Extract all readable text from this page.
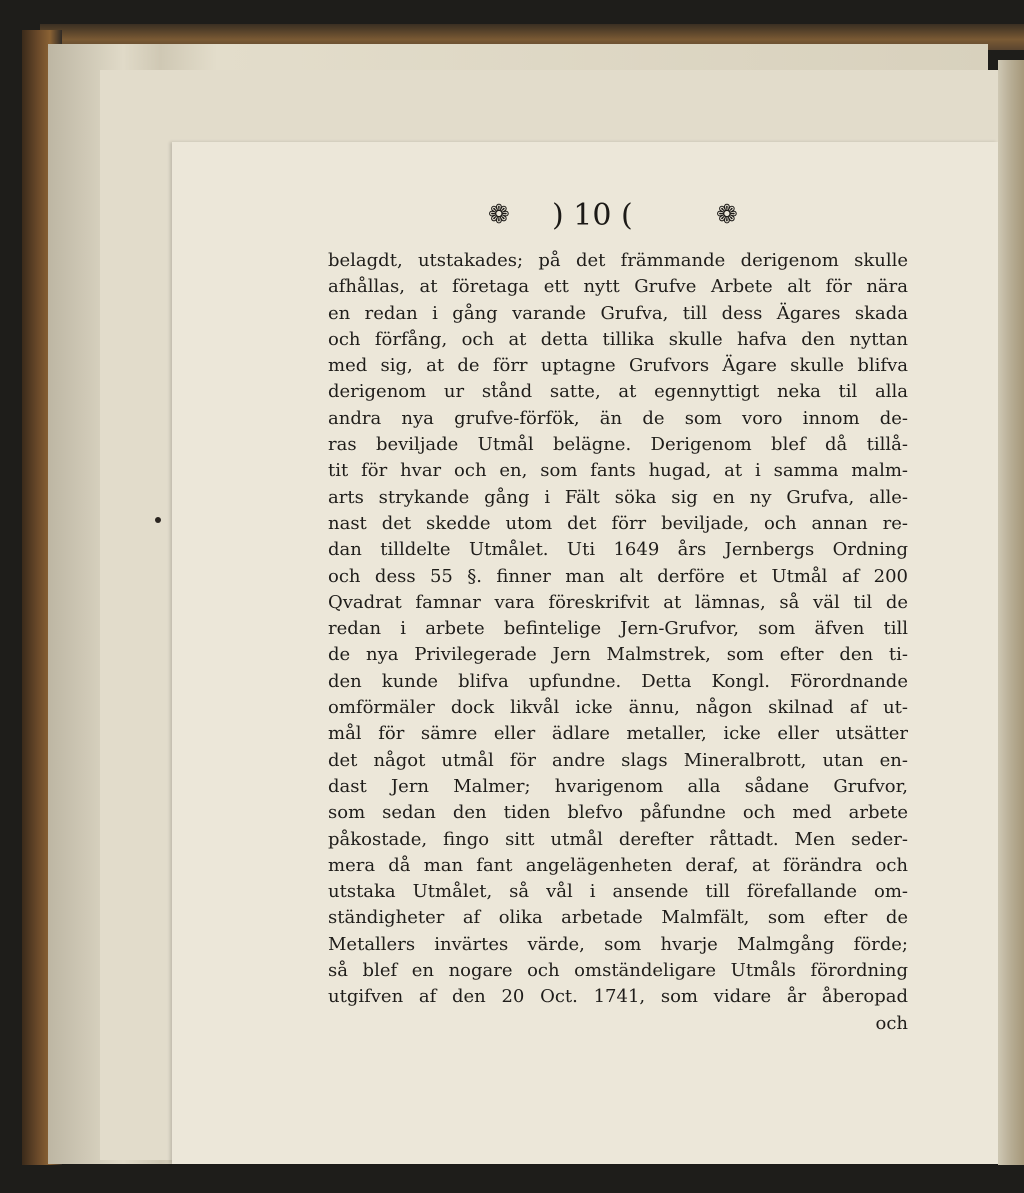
❁ ) 10 (	❁
belagdt, utstakades; på det främmande derigenom skulle
afhållas, at företaga ett nytt Grufve Arbete alt för nära
en redan i gång varande Grufva, till dess Ägares skada
och förfång, och at detta tillika skulle hafva den nyttan
med sig, at de förr uptagne Grufvors Ägare skulle blifva
derigenom ur stånd satte, at egennyttigt neka til alla
andra nya grufve-förfök, än de som voro innom de-
ras beviljade Utmål belägne. Derigenom blef då tillå-
tit för hvar och en, som fants hugad, at i samma malm-
arts strykande gång i Fält söka sig en ny Grufva, alle-
nast det skedde utom det förr beviljade, och annan re-
dan tilldelte Utmålet. Uti 1649 års Jernbergs Ordning
och dess 55 §. finner man alt derföre et Utmål af 200
Qvadrat famnar vara föreskrifvit at lämnas, så väl til de
redan i arbete befintelige Jern-Grufvor, som äfven till
de nya Privilegerade Jern Malmstrek, som efter den ti-
den kunde blifva upfundne. Detta Kongl. Förordnande
omförmäler dock likvål icke ännu, någon skilnad af ut-
mål för sämre eller ädlare metaller, icke eller utsätter
det något utmål för andre slags Mineralbrott, utan en-
dast Jern Malmer; hvarigenom alla sådane Grufvor,
som sedan den tiden blefvo påfundne och med arbete
påkostade, fingo sitt utmål derefter råttadt. Men seder-
mera då man fant angelägenheten deraf, at förändra och
utstaka Utmålet, så vål i ansende till förefallande om-
ständigheter af olika arbetade Malmfält, som efter de
Metallers invärtes värde, som hvarje Malmgång förde;
så blef en nogare och omständeligare Utmåls förordning
utgifven af den 20 Oct. 1741, som vidare år åberopad
och
